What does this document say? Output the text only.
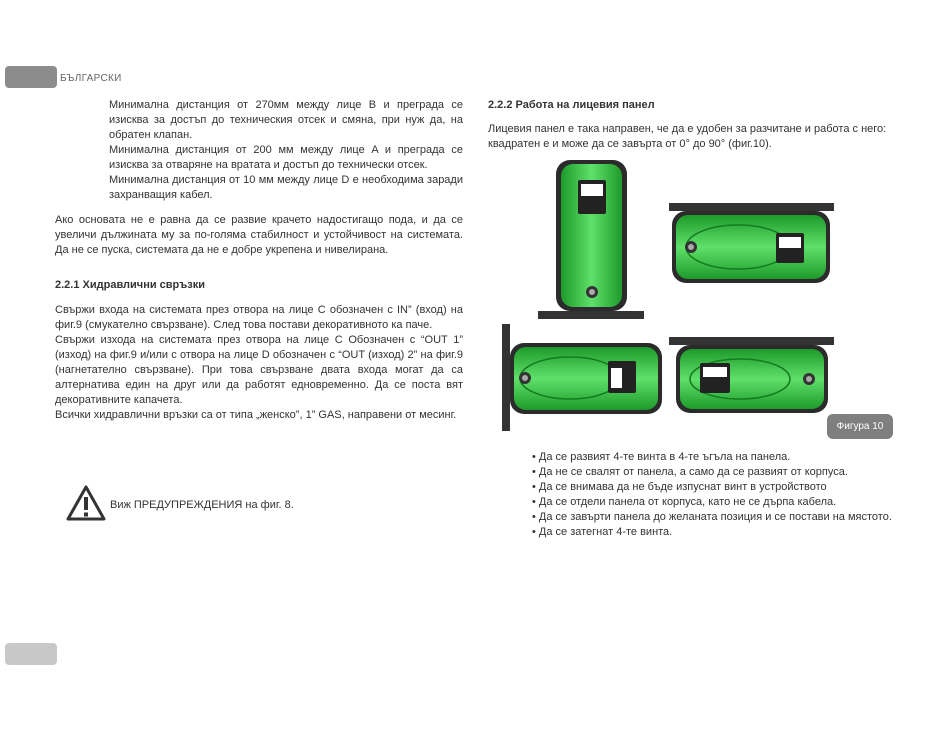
БЪЛГАРСКИ

Минимална дистанция от 270мм между лице B и преграда се изисква за достъп до техническия отсек и смяна, при нуж да, на обратен клапан.

Минимална дистанция от 200 мм между лице A и преграда се изисква за отваряне на вратата и достъп до технически отсек.

Минимална дистанция от 10 мм между лице D е необходима заради захранващия кабел.

Ако основата не е равна да се развие крачето надостигащо пода, и да се увеличи дължината му за по-голяма стабилност и устойчивост на системата. Да не се пуска, системата да не е добре укрепена и нивелирана.
2.2.1 Хидравлични свръзки

Свържи входа на системата през отвора на лице C обозначен с IN” (вход) на фиг.9 (смукателно свързване). След това постави декоративното ка паче.

Свържи изхода на системата през отвора на лице C Обозначен с “OUT 1” (изход) на фиг.9 и/или с отвора на лице D обозначен с “OUT (изход) 2” на фиг.9 (нагнетателно свързване). При това свързване двата входа могат да са алтернатива един на друг или да работят едновременно. Да се поста вят декоративните капачета.

Всички хидравлични връзки са от типа „женско”, 1” GAS, направени от месинг.

Виж ПРЕДУПРЕЖДЕНИЯ на фиг. 8.
2.2.2 Работа на лицевия панел
Лицевия панел е така направен, че да е удобен за разчитане и работа с него: квадратен е и може да се завърта от 0° до 90° (фиг.10).
Фигура 10
• Да се развият 4-те винта в 4-те ъгъла на панела.
• Да не се свалят от панела, а само да се развият от корпуса.
• Да се внимава да не бъде изпуснат винт в устройството
• Да се отдели панела от корпуса, като не се дърпа кабела.
• Да се завърти панела до желаната позиция и се постави на мястото.
• Да се затегнат 4-те винта.
